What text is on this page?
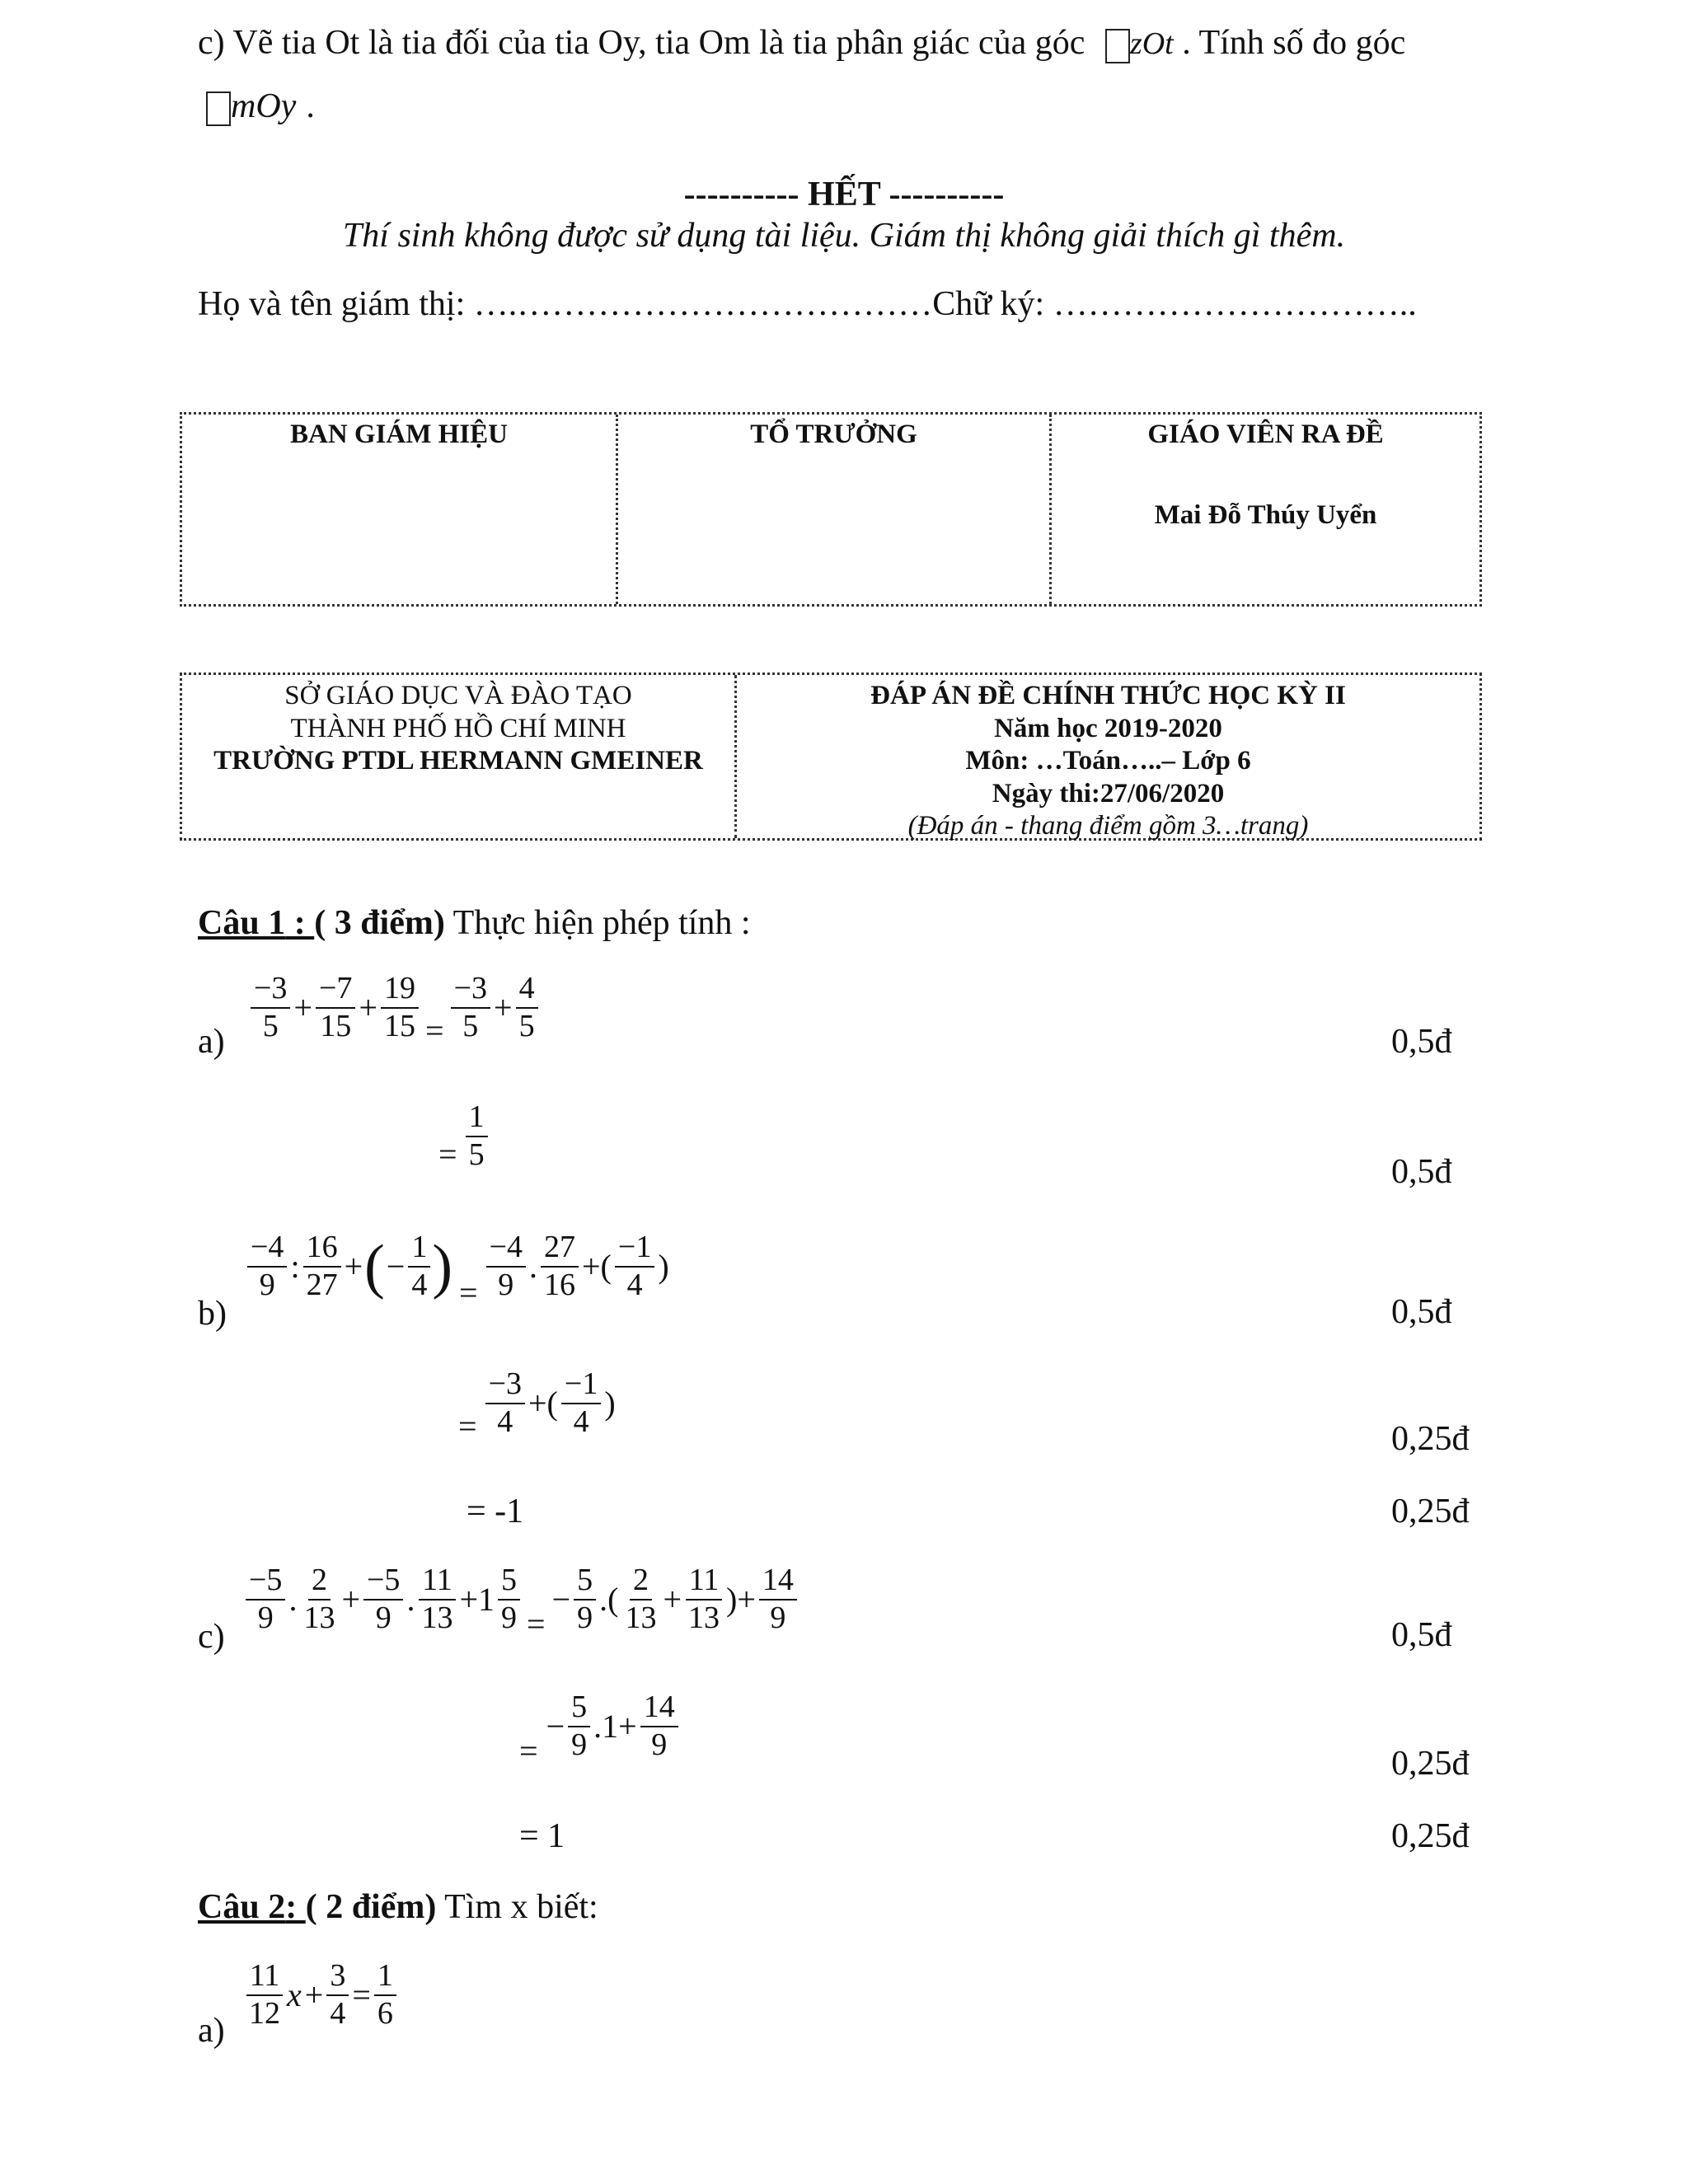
c) Vẽ tia Ot là tia đối của tia Oy, tia Om là tia phân giác của góc zOt . Tính số đo góc
mOy .
---------- HẾT ----------
Thí sinh không được sử dụng tài liệu. Giám thị không giải thích gì thêm.
Họ và tên giám thị: ….………………………………Chữ ký: …………………………..
BAN GIÁM HIỆU	TỔ TRƯỞNG	GIÁO VIÊN RA ĐỀ
Mai Đỗ Thúy Uyển
SỞ GIÁO DỤC VÀ ĐÀO TẠO
THÀNH PHỐ HỒ CHÍ MINH
TRƯỜNG PTDL HERMANN GMEINER
ĐÁP ÁN ĐỀ CHÍNH THỨC HỌC KỲ II
Năm học 2019-2020
Môn: …Toán…..– Lớp 6
Ngày thi:27/06/2020
(Đáp án - thang điểm gồm 3…trang)
Câu 1 : ( 3 điểm) Thực hiện phép tính :
$a) \frac{-3}{5} + \frac{-7}{15} + \frac{19}{15} = \frac{-3}{5} + \frac{4}{5}$
= $\frac{1}{5}$
b)
$\frac{-4}{9}$ : $\frac{16}{27}$ +(− $\frac{1}{4}$ ) = $\frac{-4}{9}$ . $\frac{27}{16}$ +( $\frac{-1}{4}$ )
= $\frac{-3}{4}$ +( $\frac{-1}{4}$ )
= -1
c)
$\frac{-5}{9}$ . $\frac{2}{13} + \frac{-5}{9}$ . $\frac{11}{13} +1 \frac{5}{9} =- \frac{5}{9}$ .( $\frac{2}{13} + \frac{11}{13}$ )+ $\frac{14}{9}$
=− $\frac{5}{9} .1+ \frac{14}{9}$
= 1
0,5đ
0,5đ
0,5đ
0,25đ
0,25đ
0,5đ
0,25đ
0,25đ
Câu 2: ( 2 điểm) Tìm x biết:
a)
$\frac{11}{12}$ $x + \frac{3}{4} = \frac{1}{6}$
